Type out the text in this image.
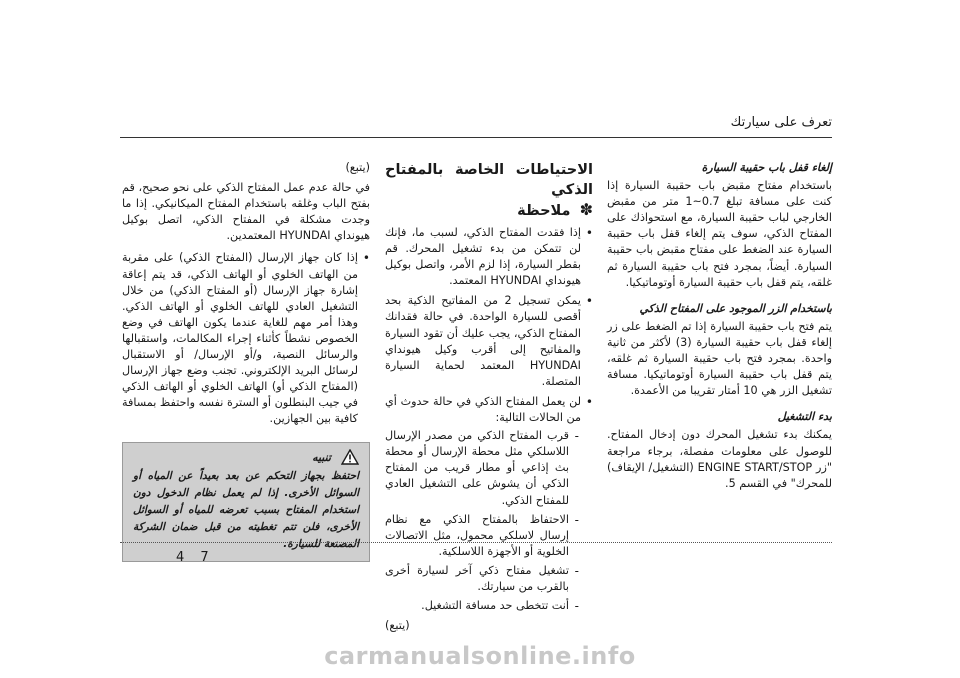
تعرف على سيارتك
إلغاء قفل باب حقيبة السيارة

باستخدام مفتاح مقبض باب حقيبة السيارة إذا كنت على مسافة تبلغ 0.7~1 متر من مقبض الخارجي لباب حقيبة السيارة، مع استحواذك على المفتاح الذكي، سوف يتم إلغاء قفل باب حقيبة السيارة عند الضغط على مفتاح مقبض باب حقيبة السيارة. أيضاً، بمجرد فتح باب حقيبة السيارة ثم غلقه، يتم قفل باب حقيبة السيارة أوتوماتيكيا.

باستخدام الزر الموجود على المفتاح الذكي

يتم فتح باب حقيبة السيارة إذا تم الضغط على زر إلغاء قفل باب حقيبة السيارة (3) لأكثر من ثانية واحدة. بمجرد فتح باب حقيبة السيارة ثم غلقه، يتم قفل باب حقيبة السيارة أوتوماتيكيا. مسافة تشغيل الزر هي 10 أمتار تقريبا من الأعمدة.

بدء التشغيل

يمكنك بدء تشغيل المحرك دون إدخال المفتاح. للوصول على معلومات مفصلة، برجاء مراجعة "زر ENGINE START/STOP (التشغيل/ الإيقاف) للمحرك" في القسم 5.

الاحتياطات الخاصة بالمفتاح الذكي
✽ ملاحظة
• إذا فقدت المفتاح الذكي، لسبب ما، فإنك لن تتمكن من بدء تشغيل المحرك. قم بقطر السيارة، إذا لزم الأمر، واتصل بوكيل هيونداي HYUNDAI المعتمد.
• يمكن تسجيل 2 من المفاتيح الذكية بحد أقصى للسيارة الواحدة. في حالة فقدانك المفتاح الذكي، يجب عليك أن تقود السيارة والمفاتيح إلى أقرب وكيل هيونداي HYUNDAI المعتمد لحماية السيارة المتصلة.
• لن يعمل المفتاح الذكي في حالة حدوث أي من الحالات التالية:
- قرب المفتاح الذكي من مصدر الإرسال اللاسلكي مثل محطة الإرسال أو محطة بث إذاعي أو مطار قريب من المفتاح الذكي أن يشوش على التشغيل العادي للمفتاح الذكي.
- الاحتفاظ بالمفتاح الذكي مع نظام إرسال لاسلكي محمول، مثل الاتصالات الخلوية أو الأجهزة اللاسلكية.
- تشغيل مفتاح ذكي آخر لسيارة أخرى بالقرب من سيارتك.
- أنت تتخطى حد مسافة التشغيل.
(يتبع)
(يتبع)

في حالة عدم عمل المفتاح الذكي على نحو صحيح، قم بفتح الباب وغلقه باستخدام المفتاح الميكانيكي. إذا ما وجدت مشكلة في المفتاح الذكي، اتصل بوكيل هيونداي HYUNDAI المعتمدين.

• إذا كان جهاز الإرسال (المفتاح الذكي) على مقربة من الهاتف الخلوي أو الهاتف الذكي، قد يتم إعاقة إشارة جهاز الإرسال (أو المفتاح الذكي) من خلال التشغيل العادي للهاتف الخلوي أو الهاتف الذكي. وهذا أمر مهم للغاية عندما يكون الهاتف في وضع الخصوص نشطاً كأثناء إجراء المكالمات، واستقبالها والرسائل النصية، و/أو الإرسال/ أو الاستقبال لرسائل البريد الإلكتروني. تجنب وضع جهاز الإرسال (المفتاح الذكي أو) الهاتف الخلوي أو الهاتف الذكي في جيب البنطلون أو السترة نفسه واحتفظ بمسافة كافية بين الجهازين.
تنبيه
احتفظ بجهاز التحكم عن بعد بعيداً عن المياه أو السوائل الأخرى. إذا لم يعمل نظام الدخول دون استخدام المفتاح بسبب تعرضه للمياه أو السوائل الأخرى، فلن تتم تغطيته من قبل ضمان الشركة المصنعة للسيارة.
4 7
carmanualsonline.info
